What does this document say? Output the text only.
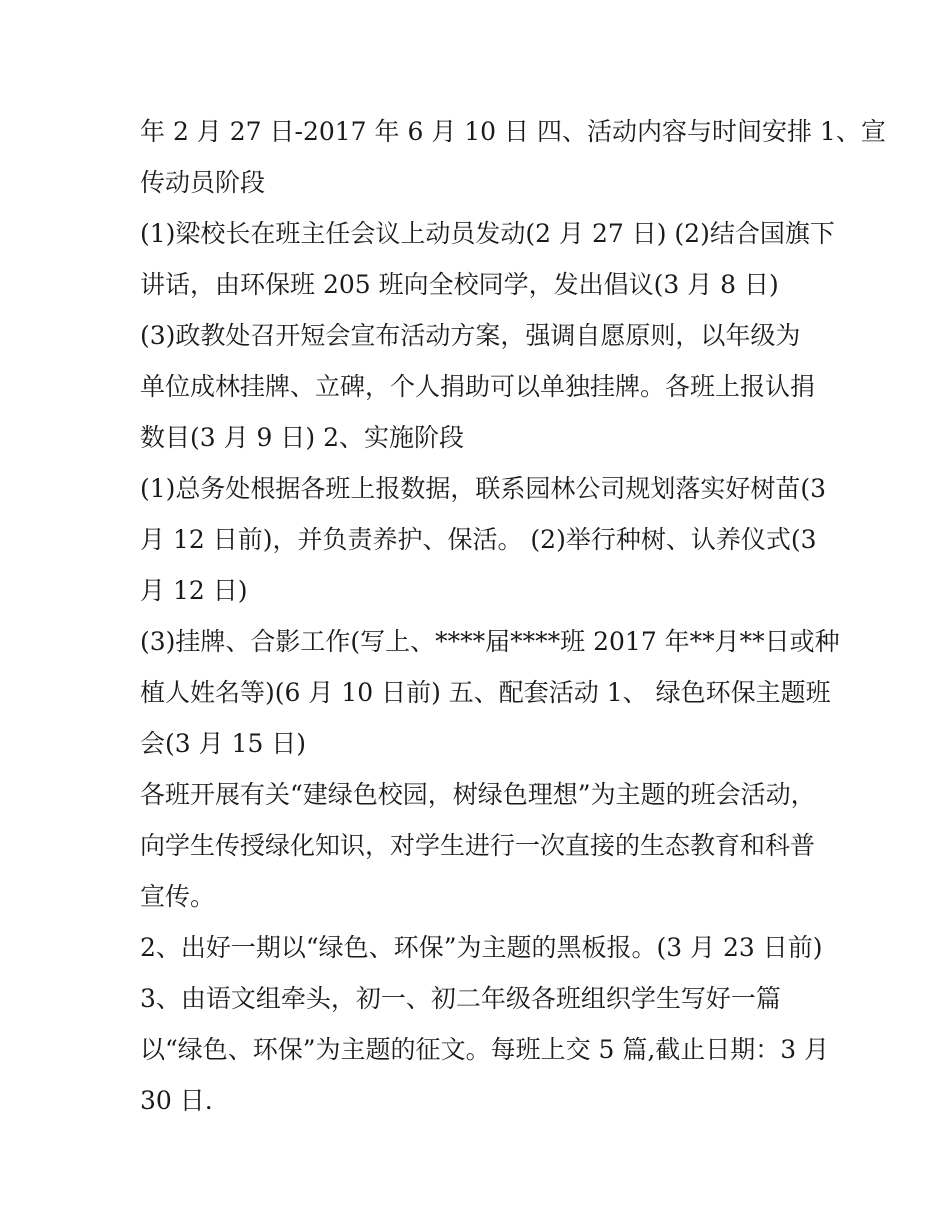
年 2 月 27 日-2017 年 6 月 10 日 四、活动内容与时间安排 1、宣
传动员阶段
(1)梁校长在班主任会议上动员发动(2 月 27 日) (2)结合国旗下
讲话，由环保班 205 班向全校同学，发出倡议(3 月 8 日)
(3)政教处召开短会宣布活动方案，强调自愿原则，以年级为
单位成林挂牌、立碑，个人捐助可以单独挂牌。各班上报认捐
数目(3 月 9 日) 2、实施阶段
(1)总务处根据各班上报数据，联系园林公司规划落实好树苗(3
月 12 日前)，并负责养护、保活。 (2)举行种树、认养仪式(3
月 12 日)
(3)挂牌、合影工作(写上、****届****班 2017 年**月**日或种
植人姓名等)(6 月 10 日前) 五、配套活动 1、 绿色环保主题班
会(3 月 15 日)
各班开展有关“建绿色校园，树绿色理想”为主题的班会活动，
向学生传授绿化知识，对学生进行一次直接的生态教育和科普
宣传。
2、出好一期以“绿色、环保”为主题的黑板报。(3 月 23 日前)
3、由语文组牵头，初一、初二年级各班组织学生写好一篇
以“绿色、环保”为主题的征文。每班上交 5 篇,截止日期：3 月
30 日.
